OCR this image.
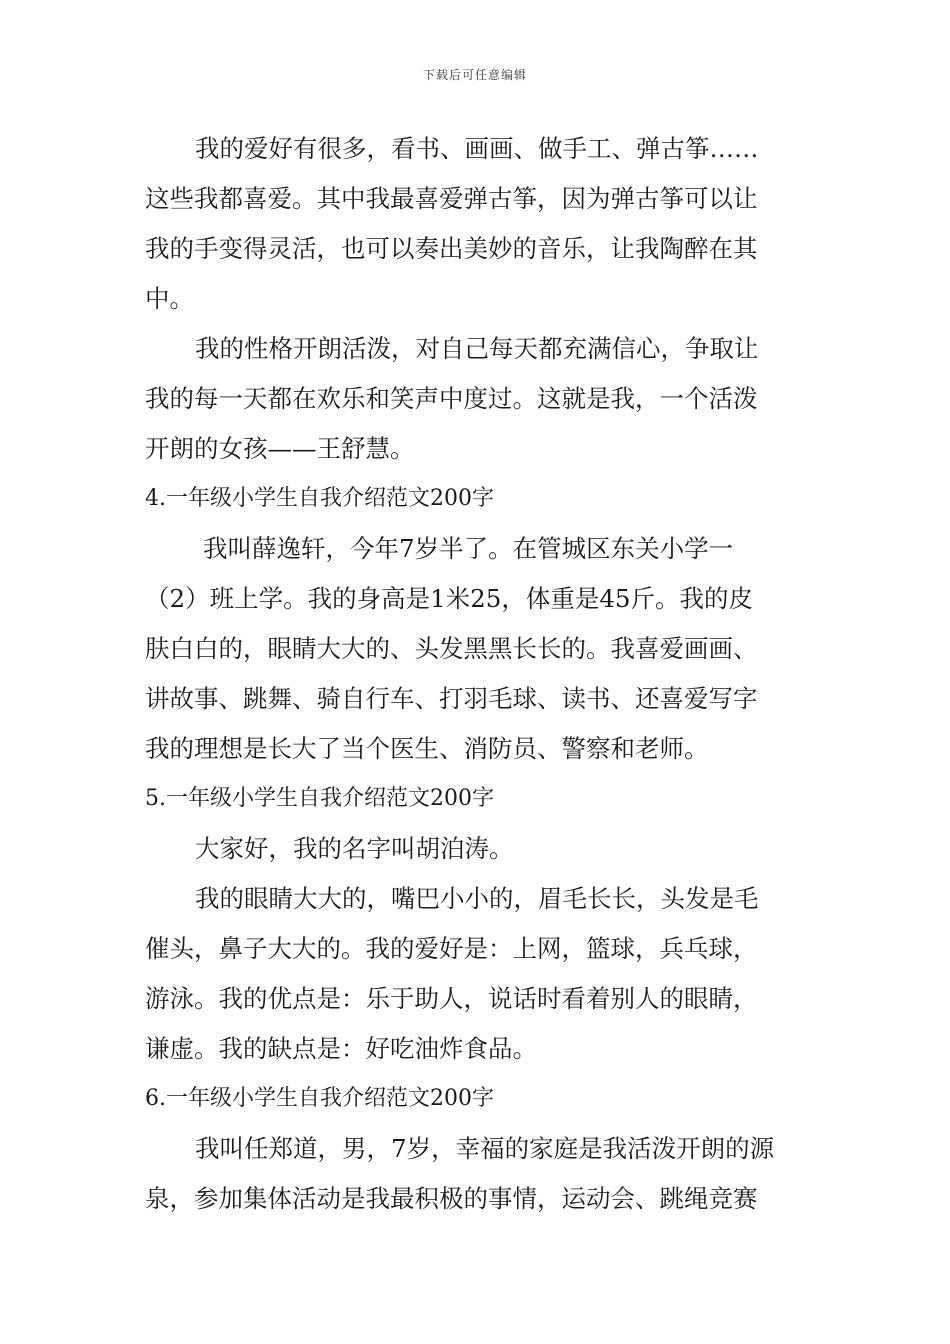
下载后可任意编辑
我的爱好有很多，看书、画画、做手工、弹古筝……
这些我都喜爱。其中我最喜爱弹古筝，因为弹古筝可以让
我的手变得灵活，也可以奏出美妙的音乐，让我陶醉在其
中。
我的性格开朗活泼，对自己每天都充满信心，争取让
我的每一天都在欢乐和笑声中度过。这就是我，一个活泼
开朗的女孩——王舒慧。
4.一年级小学生自我介绍范文200字
我叫薛逸轩，今年7岁半了。在管城区东关小学一
（2）班上学。我的身高是1米25，体重是45斤。我的皮
肤白白的，眼睛大大的、头发黑黑长长的。我喜爱画画、
讲故事、跳舞、骑自行车、打羽毛球、读书、还喜爱写字
我的理想是长大了当个医生、消防员、警察和老师。
5.一年级小学生自我介绍范文200字
大家好，我的名字叫胡泊涛。
我的眼睛大大的，嘴巴小小的，眉毛长长，头发是毛
催头，鼻子大大的。我的爱好是：上网，篮球，兵乓球，
游泳。我的优点是：乐于助人，说话时看着别人的眼睛，
谦虚。我的缺点是：好吃油炸食品。
6.一年级小学生自我介绍范文200字
我叫任郑道，男，7岁，幸福的家庭是我活泼开朗的源
泉，参加集体活动是我最积极的事情，运动会、跳绳竞赛
